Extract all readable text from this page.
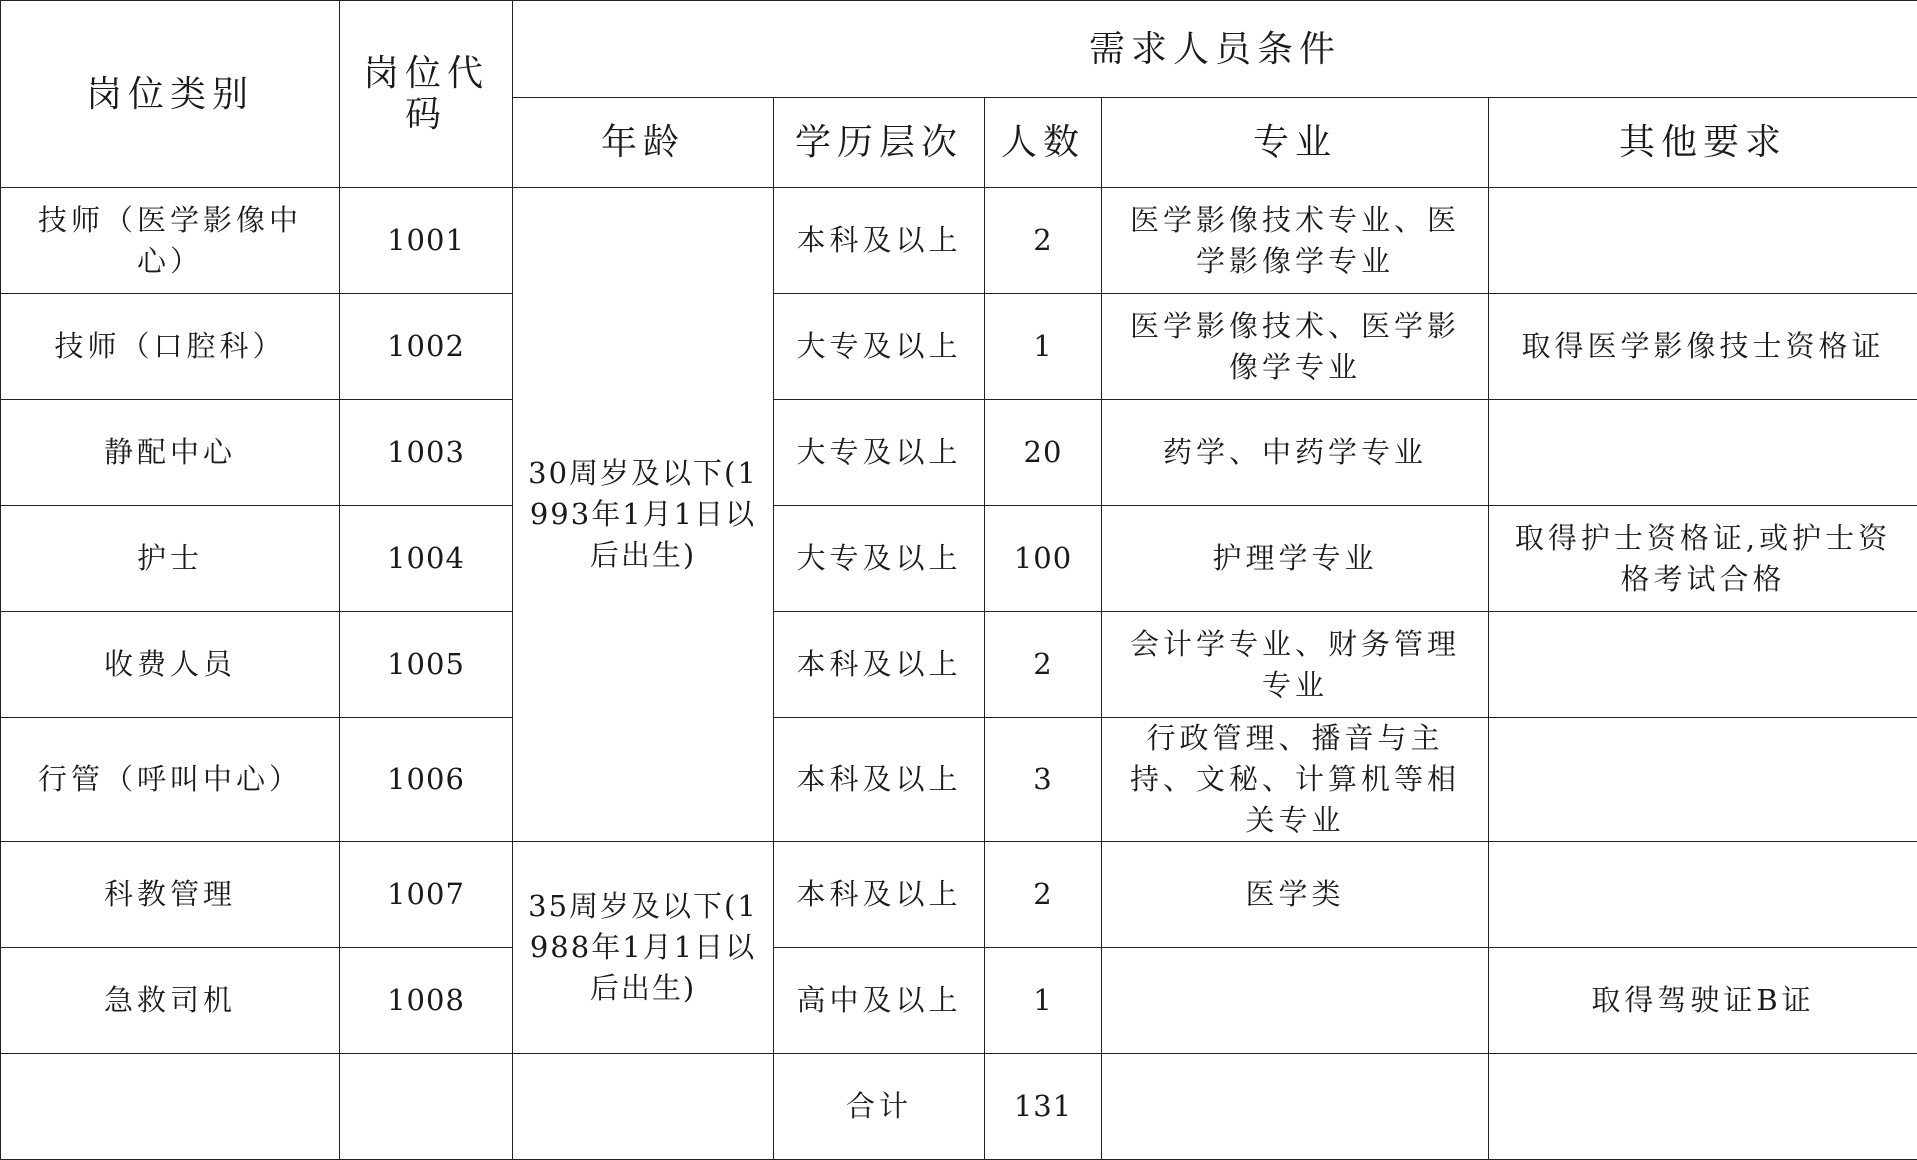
岗位类别	岗位代码	需求人员条件				
		年龄	学历层次	人数	专业	其他要求
技师（医学影像中心）	1001	30周岁及以下(1993年1月1日以后出生)	本科及以上	2	医学影像技术专业、医学影像学专业	
技师（口腔科）	1002		大专及以上	1	医学影像技术、医学影像学专业	取得医学影像技士资格证
静配中心	1003		大专及以上	20	药学、中药学专业	
护士	1004		大专及以上	100	护理学专业	取得护士资格证,或护士资格考试合格
收费人员	1005		本科及以上	2	会计学专业、财务管理专业	
行管（呼叫中心）	1006		本科及以上	3	行政管理、播音与主持、文秘、计算机等相关专业	
科教管理	1007	35周岁及以下(1988年1月1日以后出生)	本科及以上	2	医学类	
急救司机	1008		高中及以上	1		取得驾驶证B证
			合计	131		
